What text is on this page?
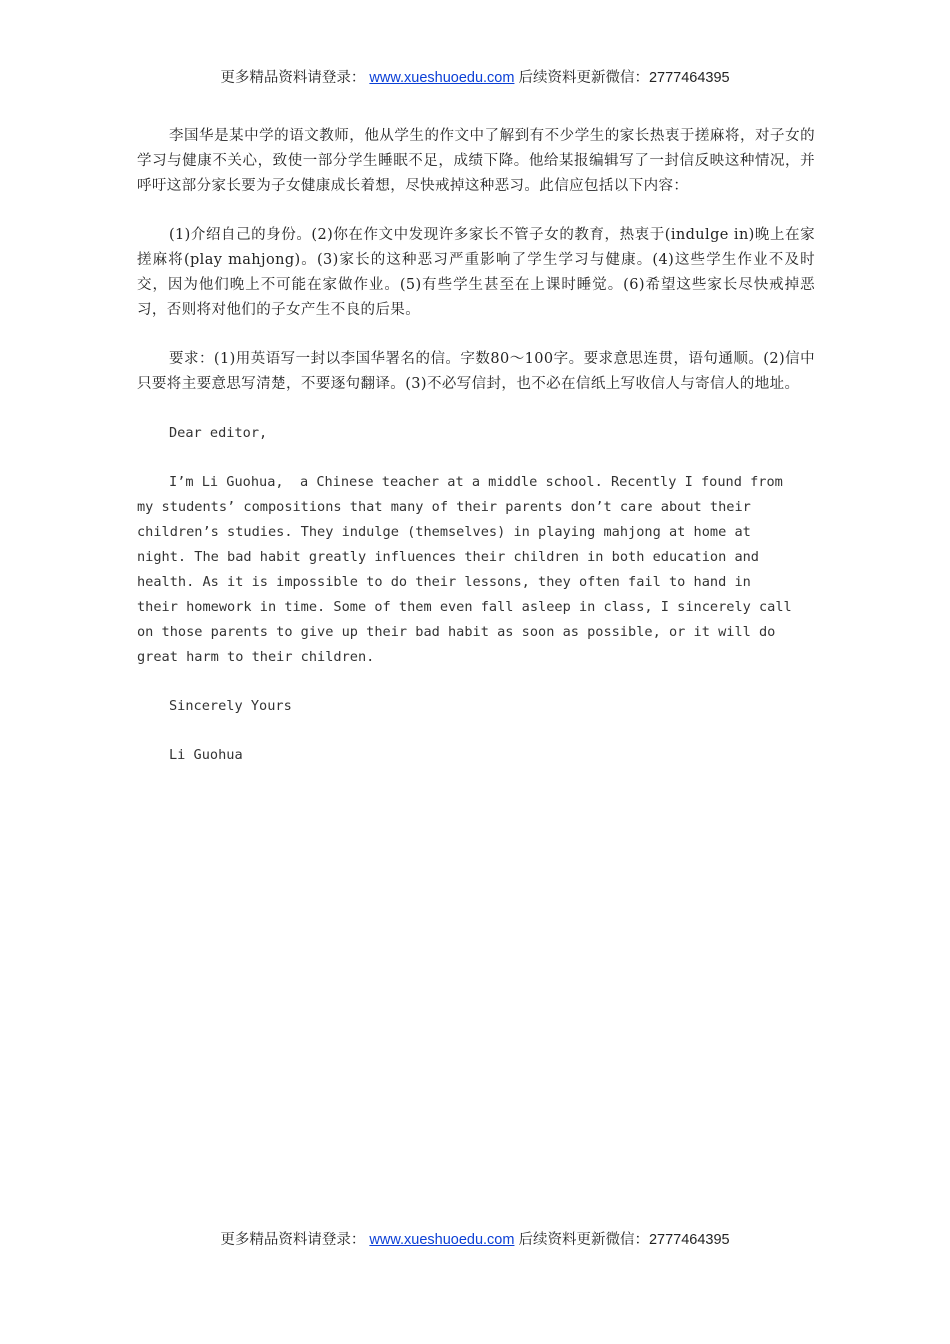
更多精品资料请登录： www.xueshuoedu.com 后续资料更新微信：2777464395

李国华是某中学的语文教师，他从学生的作文中了解到有不少学生的家长热衷于搓麻将，对子女的学习与健康不关心，致使一部分学生睡眠不足，成绩下降。他给某报编辑写了一封信反映这种情况，并呼吁这部分家长要为子女健康成长着想，尽快戒掉这种恶习。此信应包括以下内容：

(1)介绍自己的身份。(2)你在作文中发现许多家长不管子女的教育，热衷于(indulge in)晚上在家搓麻将(play mahjong)。(3)家长的这种恶习严重影响了学生学习与健康。(4)这些学生作业不及时交，因为他们晚上不可能在家做作业。(5)有些学生甚至在上课时睡觉。(6)希望这些家长尽快戒掉恶习，否则将对他们的子女产生不良的后果。

要求：(1)用英语写一封以李国华署名的信。字数80～100字。要求意思连贯，语句通顺。(2)信中只要将主要意思写清楚，不要逐句翻译。(3)不必写信封，也不必在信纸上写收信人与寄信人的地址。

Dear editor,
I’m Li Guohua,  a Chinese teacher at a middle school. Recently I found from
my students’ compositions that many of their parents don’t care about their
children’s studies. They indulge (themselves) in playing mahjong at home at
night. The bad habit greatly influences their children in both education and
health. As it is impossible to do their lessons, they often fail to hand in
their homework in time. Some of them even fall asleep in class, I sincerely call
on those parents to give up their bad habit as soon as possible, or it will do
great harm to their children.
Sincerely Yours
Li Guohua
更多精品资料请登录： www.xueshuoedu.com 后续资料更新微信：2777464395
